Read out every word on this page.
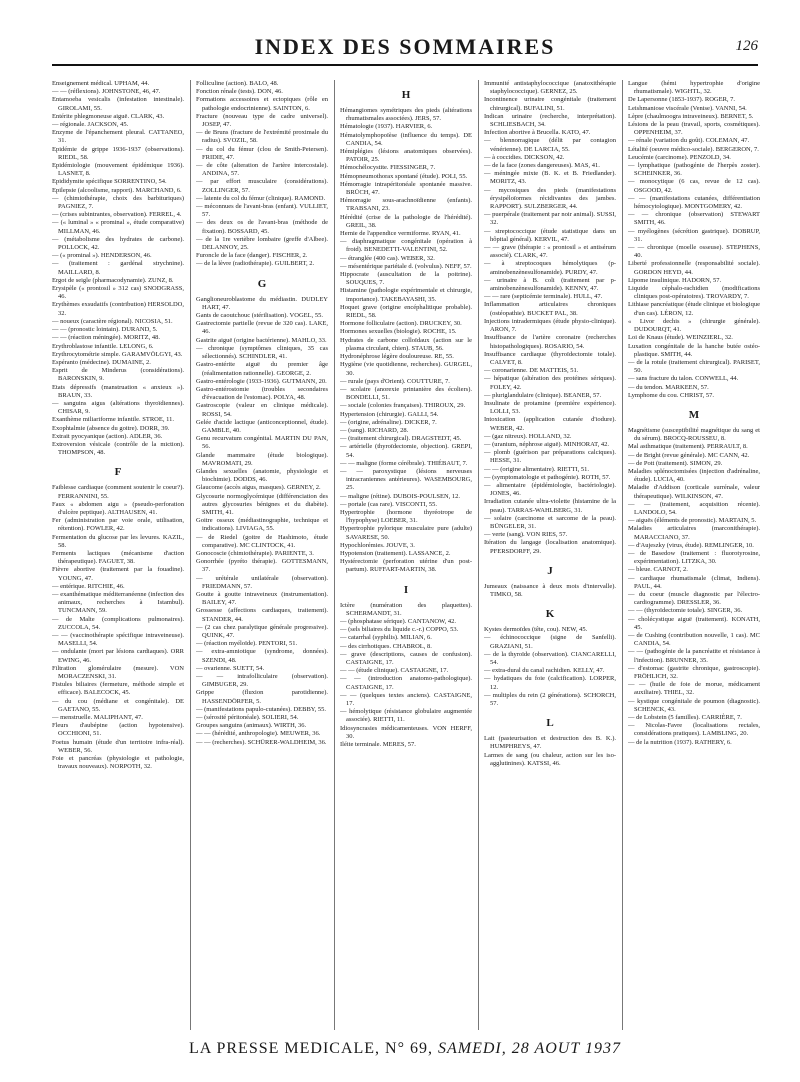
INDEX DES SOMMAIRES	126

Enseignement médical. UPHAM, 44.

— — (réflexions). JOHNSTONE, 46, 47.

Entamoeba vesicalis (infestation intestinale). GIROLAMI, 55.

Entérite phlegmoneuse aiguë. CLARK, 43.

— régionale. JACKSON, 45.

Enzyme de l'épanchement pleural. CATTANEO, 31.

Epidémie de grippe 1936-1937 (observations). RIEDL, 58.

Epidémiologie (mouvement épidémique 1936). LASNET, 8.

Epididymite spécifique SORRENTINO, 54.

Epilepsie (alcoolisme, rapport). MARCHAND, 6.

— (chimiothérapie, choix des barbituriques) PAGNIEZ, 7.

— (crises subintrantes, observation). FERREL, 4.

— (« luminal » « prominal », étude comparative) MILLMAN, 46.

— (métabolisme des hydrates de carbone). POLLOCK, 42.

— (« prominal »). HENDERSON, 46.

— (traitement : gardénal strychnine). MAILLARD, 8.

Ergot de seigle (pharmacodynamie). ZUNZ, 8.

Erysipèle (« prontosil » 312 cas) SNODGRASS, 46.

Erythèmes exsudatifs (contribution) HERSOLDO, 32.

— noueux (caractère régional). NICOSIA, 51.

— — (pronostic lointain). DURAND, 5.

— — (réaction méningée). MORITZ, 48.

Erythroblastose infantile. LELONG, 6.

Erythrocytométrie simple. GARAMVÖLGYI, 43.

Espéranto (médecine). DUMAINE, 2.

Esprit de Minderus (considérations). BARONSKIN, 9.

Etats dépressifs (manstruation « anxieux »). BRAUN, 33.

— sanguins aigus (altérations thyroïdiennes). CHISAR, 9.

Exanthème miliariforme infantile. STROE, 11.

Exophtalmie (absence du goitre). DORR, 39.

Extrait pyocyanique (action). ADLER, 36.

Extroversion vésicale (contrôle de la miction). THOMPSON, 48.

F

Faiblesse cardiaque (comment soutenir le coeur?). FERRANNINI, 55.

Faux « abdomen aigu » (pseudo-perforation d'ulcère peptique). ALTHAUSEN, 41.

Fer (administration par voie orale, utilisation, rétention). FOWLER, 42.

Fermentation du glucose par les levures. KAZIL, 58.

Ferments lactiques (mécanisme d'action thérapeutique). FAGUET, 38.

Fièvre abortive (traitement par la fouadine). YOUNG, 47.

— entérique. RITCHIE, 46.

— exanthématique méditerranéenne (infection des animaux, recherches à Istambul). TUNCMANN, 59.

— de Malte (complications pulmonaires). ZUCCOLA, 54.

— — (vaccinothérapie spécifique intraveineuse). MASELLI, 54.

— ondulante (mort par lésions cardiaques). ORR EWING, 46.

Filtration glomérulaire (mesure). VON MORACZENSKI, 31.

Fistules biliaires (fermeture, méthode simple et efficace). BALECOCK, 45.

— du cou (médiane et congénitale). DE GAETANO, 55.

— menstruelle. MALIPHANT, 47.

Fleurs d'aubépine (action hypotensive). OCCHIONI, 51.

Foetus humain (étude d'un territoire infra-réal). WEBER, 56.

Foie et pancréas (physiologie et pathologie, travaux nouveaux). NORPOTH, 32.

Folliculine (action). BALO, 48.

Fonction rénale (tests). DON, 46.

Formations accessoires et ectopiques (rôle en pathologie endocrinienne). SAINTON, 6.

Fracture (nouveau type de cadre universel). JOSEP, 47.

— de Bruns (fracture de l'extrémité proximale du radius). SVOZIL, 58.

— du col du fémur (clou de Smith-Petersen). FRIDIE, 47.

— de côte (alteration de l'artère intercostale). ANDINA, 57.

— par effort musculaire (considérations). ZOLLINGER, 57.

— latente du col du fémur (clinique). RAMOND.

— méconnues de l'avant-bras (enfant). VULLIET, 57.

— des deux os de l'avant-bras (méthode de fixation). BOSSARD, 45.

— de la 1re vertèbre lombaire (greffe d'Albee). DELANNOY, 25.

Furoncle de la face (danger). FISCHER, 2.

— de la lèvre (radiothérapie). GUILBERT, 2.

G

Ganglioneuroblastome du médiastin. DUDLEY HART, 47.

Gants de caoutchouc (stérilisation). VOGEL, 55.

Gastrectomie partielle (revue de 320 cas). LAKE, 46.

Gastrite aiguë (origine bactérienne). MAHLO, 33.

— chronique (symptômes cliniques, 35 cas sélectionnés). SCHINDLER, 41.

Gastro-entérite aiguë du premier âge (réalimentation rationnelle). GEORGE, 2.

Gastro-entérologie (1933-1936). GUTMANN, 20.

Gastro-entérostomie (troubles secondaires d'évacuation de l'estomac). POLYA, 48.

Gastroscopie (valeur en clinique médicale). ROSSI, 54.

Gelée d'acide lactique (anticonceptionnel, étude). GAMBLE, 40.

Genu recurvatum congénital. MARTIN DU PAN, 56.

Glande mammaire (étude biologique). MAVROMATI, 29.

Glandes sexuelles (anatomie, physiologie et biochimie). DODDS, 46.

Glaucome (accès aigus, masques). GERNEY, 2.

Glycosurie normoglycémique (différenciation des autres glycosuries bénignes et du diabète). SMITH, 41.

Goitre osseux (médiastinographie, technique et indications). LIVIAGA, 55.

— de Riedel (goitre de Hashimoto, étude comparative). MC CLINTOCK, 41.

Gonocoscie (chimiothérapie). PARIENTE, 3.

Gonorrhée (pyréto thérapie). GOTTESMANN, 37.

— urétérale unilatérale (observation). FRIEDMANN, 57.

Goutte à goutte intraveineux (instrumentation). BAILEY, 47.

Grossesse (affections cardiaques, traitement). STANDER, 44.

— (2 cas chez paralytique générale progressive). QUINK, 47.

— (réaction myéloïde). PENTORI, 51.

— extra-amniotique (syndrome, données). SZENDI, 48.

— ovarienne. SUETT, 54.

— — intrafolliculaire (observation). GIMBUGER, 29.

Grippe (fluxion parotidienne). HASSENDÖRFER, 5.

— (manifestations papulo-cutanées). DEBBY, 55.

— (sérosité péritonéale). SOLIERI, 54.

Groupes sanguins (animaux). WIRTH, 36.

— — (hérédité, anthropologie). MEUWER, 36.

— — (recherches). SCHÜRER-WALDHEIM, 36.

H

Hémangiomes symétriques des pieds (altérations rhumatismales associées). JERS, 57.

Hématologie (1937). HARVIER, 6.

Hématolymphopoïèse (influence du temps). DE CANDIA, 54.

Hémiplégies (lésions anatomiques observées). PATOIR, 25.

Hémochélocystite. FIESSINGER, 7.

Hémopneumothorax spontané (étude). POLI, 55.

Hémorragie intrapéritonéale spontanée massive. BRÜCH, 47.

Hémorragie sous-arachnoïdienne (enfants). TRABSANI, 23.

Hérédité (crise de la pathologie de l'hérédité). GREIL, 38.

Hernie de l'appendice vermiforme. RYAN, 41.

— diaphragmatique congénitale (opération à froid). BENEDETTI-VALENTINI, 52.

— étranglée (400 cas). WEBER, 32.

— mésentérique pariétale d. (volvulus). NEFF, 57.

Hippocrate (auscultation de la poitrine). SOUQUES, 7.

Histamine (pathologie expérimentale et chirurgie, importance). TAKEBAYASHI, 35.

Hoquet grave (origine encéphalitique probable). RIEDL, 58.

Hormone folliculaire (action). DRUCKEY, 30.

Hormones sexuelles (biologie). ROCHE, 15.

Hydrates de carbone colloïdaux (action sur le plasma circulant, chien). STAUB, 56.

Hydronéphrose légère douloureuse. RE, 55.

Hygiène (vie quotidienne, recherches). GURGEL, 30.

— rurale (pays d'Orient). COUTTURE, 7.

— scolaire (anorexie printanière des écoliers). BONDELLI, 51.

— sociale (colonies françaises). THIROUX, 29.

Hypertension (chirurgie). GALLI, 54.

— (origine, adrénaline). DICKER, 7.

— (sang). RICHARD, 28.

— (traitement chirurgical). DRAGSTEDT, 45.

— artérielle (thyroïdectomie, objection). GREPI, 54.

— — maligne (forme cérébrale). THIÉBAUT, 7.

— — paroxystique (lésions nerveuses intracraniennes antérieures). WASEMBOURG, 25.

— maligne (rétine). DUBOIS-POULSEN, 12.

— portale (cas rare). VISCONTI, 55.

Hypertrophie (hormone thyréotrope de l'hypophyse) LOEBER, 31.

Hypertrophie pylorique musculaire pure (adulte) SAVARESE, 50.

Hypochlorémies. JOUVE, 3.

Hypotension (traitement). LASSANCE, 2.

Hystérectomie (perforation utérine d'un post-partum). RUFFART-MARTIN, 38.

I

Ictère (numération des plaquettes). SCHERMANDT, 31.

— (phosphatase sérique). CANTANOW, 42.

— (sels biliaires du liquide c.-r.) COPPO, 53.

— catarrhal (syphilis). MILIAN, 6.

— des cirrhotiques. CHABROL, 8.

— grave (descriptions, causes de confusion). CASTAIGNE, 17.

— — (étude clinique). CASTAIGNE, 17.

— — (introduction anatomo-pathologique). CASTAIGNE, 17.

— — (quelques textes anciens). CASTAIGNE, 17.

— hémolytique (résistance globulaire augmentée associée). RIETTI, 11.

Idiosyncrasies médicamenteuses. VON HERFF, 30.

Iléite terminale. MERES, 57.

Immunité antistaphylococcique (anatoxithérapie staphylococcique). GERNEZ, 25.

Incontinence urinaire congénitale (traitement chirurgical). BUFALINI, 51.

Indican urinaire (recherche, interprétation). SCHLIESBACH, 34.

Infection abortive à Brucella. KATO, 47.

— blennorragique (délit par contagion vénérienne). DE LARCIA, 55.

— à coccidies. DICKSON, 42.

— de la face (zones dangereuses). MAS, 41.

— méningée mixte (B. K. et B. Friedlander). MORITZ, 43.

— mycosiques des pieds (manifestations érysipéloïormes récidivantes des jambes. RAPPORT). SULZBERGER, 44.

— puerpérale (traitement par noir animal). SUSSI, 32.

— streptococcique (étude statistique dans un hôpital général). KERVIL, 47.

— — grave (thérapie : « prontosil » et antisérum associé). CLARK, 47.

— à streptocoques hémolytiques (p-aminobenzènesulfonamide). PURDY, 47.

— urinaire à B. coli (traitement par p-aminobenzènesulfonamide). KENNY, 47.

— — rare (septicémie terminale). HULL, 47.

Inflammation articulaires chroniques (ostéopathie). BUCKET PAL, 38.

Injections intradermiques (étude physio-clinique). ARON, 7.

Insuffisance de l'artère coronaire (recherches histopathologiques). ROSARIO, 54.

Insuffisance cardiaque (thyroïdectomie totale). CALVET, 8.

— coronarienne. DE MATTEIS, 51.

— hépatique (altération des protéines sériques). FOLEY, 42.

— pluriglandulaire (clinique). BEANER, 57.

Insulinate de protamine (première expérience). LOLLI, 53.

Intoxication (application cutanée d'iodure). WEBER, 42.

— (gaz nitreux). HOLLAND, 32.

— (uranium, néphrose aiguë). MINHORAT, 42.

— plomb (guérison par préparations calciques). HESSE, 31.

— — (origine alimentaire). RIETTI, 51.

— (symptomatologie et pathogénie). ROTH, 57.

— alimentaire (épidémiologie, bactériologie). JONES, 46.

Irradiation cutanée ultra-violette (histamine de la peau). TARRAS-WAHLBERG, 31.

— solaire (carcinome et sarcome de la peau). BÜNGELER, 31.

— verte (sang). VON RIES, 57.

Itération du langage (localisation anatomique). PFERSDORFF, 29.

J

Jumeaux (naissance à deux mois d'intervalle). TIMKO, 58.

K

Kystes dermoïdes (tête, cou). NEW, 45.

— échinococcique (signe de Sanfelli). GRAZIANI, 51.

— de la thyroïde (observation). CIANCARELLI, 54.

— extra-dural du canal rachidien. KELLY, 47.

— hydatiques du foie (calcification). LORPER, 12.

— multiples du rein (2 générations). SCHORCH, 57.

L

Lait (pasteurisation et destruction des B. K.). HUMPHREYS, 47.

Larmes de sang (ou chaleur, action sur les iso-agglutinines). KATSSI, 46.

Langue (hémi hypertrophie d'origine rhumatismale). WIGHTL, 32.

De Lapersonne (1853-1937). ROGER, 7.

Leishmaniose viscérale (Venise). VANNI, 54.

Lèpre (chaulmoogra intraveineux). BERNET, 5.

Lésions de la peau (travail, sports, cosmétiques). OPPENHEIM, 37.

— rénale (variation du goût). COLEMAN, 47.

Létalité (oeuvre médico-sociale). BERGERON, 7.

Leucémie (carcinome). PENZOLD, 34.

— lymphatique (pathogénie de l'herpès zoster). SCHEINKER, 36.

— monocytique (6 cas, revue de 12 cas). OSGOOD, 42.

— — (manifestations cutanées, différentiation hémocytologique). MONTGOMERY, 42.

— — chronique (observation) STEWART SMITH, 46.

— myélogènes (sécrétion gastrique). DOBRUP, 31.

— — chronique (moelle osseuse). STEPHENS, 40.

Liberté professionnelle (responsabilité sociale). GORDON HEYD, 44.

Lipome insulinique. HADORN, 57.

Liquide céphalo-rachidien (modifications cliniques post-opératoires). TROVARDY, 7.

Lithiase pancréatique (étude clinique et biologique d'un cas). LÉRON, 12.

« Livor dechis » (chirurgie générale). DUDOURQT, 41.

Loi de Knaus (étude). WEINZIERL, 32.

Luxation congénitale de la hanche butée ostéo-plastique. SMITH, 44.

— de la rotule (traitement chirurgical). PARISET, 50.

— sans fracture du talon. CONWELL, 44.

— du tendon. MARKEEN, 57.

Lymphome du cou. CHRIST, 57.

M

Magnétisme (susceptibilité magnétique du sang et du sérum). BROCQ-ROUSSEU, 8.

Mal asthmatique (traitement). PERRAULT, 8.

— de Bright (revue générale). MC CANN, 42.

— de Pott (traitement). SIMON, 29.

Maladies splénoctomisées (injection d'adrénaline, étude). LUCIA, 40.

Maladie d'Addison (corticale surrénale, valeur thérapeutique). WILKINSON, 47.

— — (traitement, acquisition récente). LANDOLO, 54.

— aiguës (éléments de pronostic). MARTAIN, 5.

Maladies articulaires (marconithérapie). MARACCIANO, 37.

— d'Aujeszky (virus, étude). REMLINGER, 10.

— de Basedow (traitement : fluorotyrosine, expérimentation). LITZKA, 30.

— bleue. CARNOT, 2.

— cardiaque rhumatismale (climat, Indiens). PAUL, 44.

— du coeur (muscle diagnostic par l'électro-cardiogramme). DRESSLER, 36.

— — (thyroïdectomie totale). SINGER, 36.

— cholécystique aiguë (traitement). KONATH, 45.

— de Cushing (contribution nouvelle, 1 cas). MC CANDIA, 54.

— — (pathogénie de la pancréatite et résistance à l'infection). BRUNNER, 35.

— d'estomac (gastrite chronique, gastroscopie). FRÖHLICH, 32.

— — (huile de foie de morue, médicament auxiliaire). THIEL, 32.

— kystique congénitale de poumon (diagnostic). SCHENCK, 43.

— de Lobstein (5 familles). CARRIÈRE, 7.

— Nicolas-Favre (localisations rectales, considérations pratiques). LAMBLING, 20.

— de la nutrition (1937). RATHERY, 6.

LA PRESSE MEDICALE, N° 69, SAMEDI, 28 AOUT 1937
